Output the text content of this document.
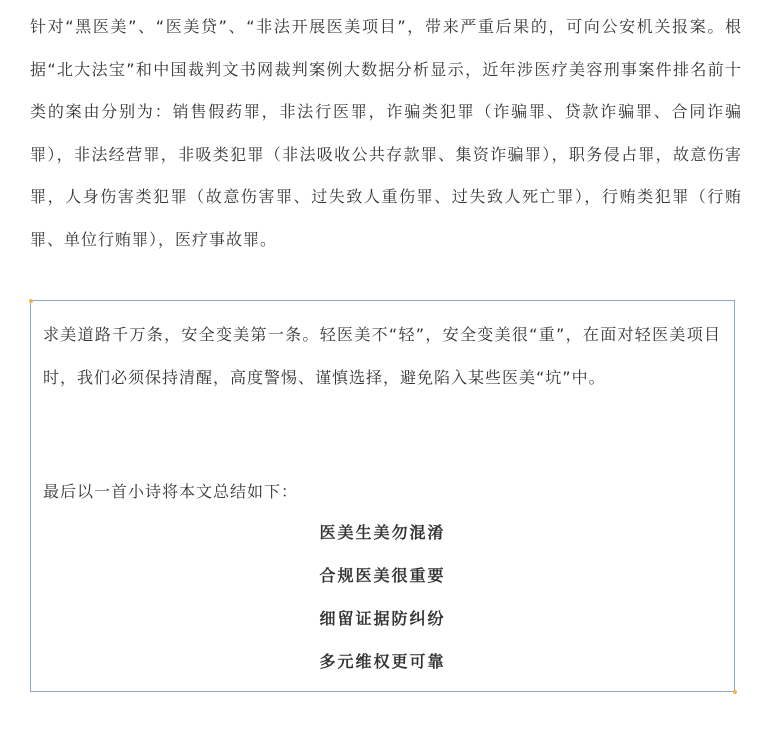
针对“黑医美”、“医美贷”、“非法开展医美项目”，带来严重后果的，可向公安机关报案。根据“北大法宝”和中国裁判文书网裁判案例大数据分析显示，近年涉医疗美容刑事案件排名前十类的案由分别为：销售假药罪，非法行医罪，诈骗类犯罪（诈骗罪、贷款诈骗罪、合同诈骗罪），非法经营罪，非吸类犯罪（非法吸收公共存款罪、集资诈骗罪），职务侵占罪，故意伤害罪，人身伤害类犯罪（故意伤害罪、过失致人重伤罪、过失致人死亡罪），行贿类犯罪（行贿罪、单位行贿罪），医疗事故罪。

求美道路千万条，安全变美第一条。轻医美不“轻”，安全变美很“重”，在面对轻医美项目时，我们必须保持清醒，高度警惕、谨慎选择，避免陷入某些医美“坑”中。

最后以一首小诗将本文总结如下：

医美生美勿混淆
合规医美很重要
细留证据防纠纷
多元维权更可靠
